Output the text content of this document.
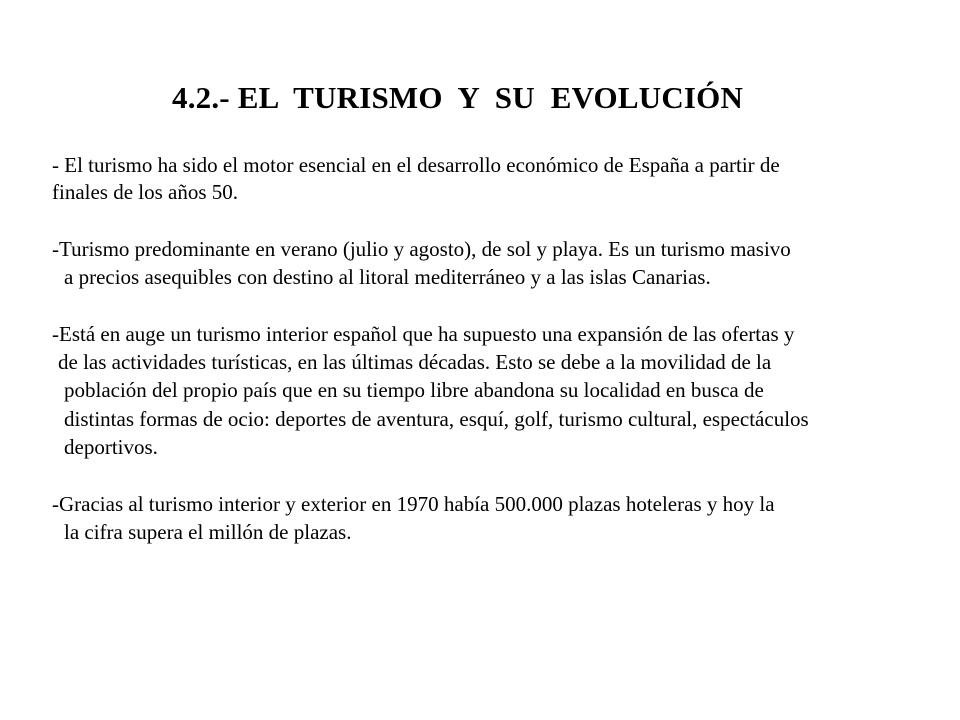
4.2.- EL  TURISMO  Y  SU  EVOLUCIÓN
- El turismo ha sido el motor esencial en el desarrollo económico de España a partir de
finales de los años 50.
-Turismo predominante en verano (julio y agosto), de sol y playa. Es un turismo masivo
a precios asequibles con destino al litoral mediterráneo y a las islas Canarias.
-Está en auge un turismo interior español que ha supuesto una expansión de las ofertas y
de las actividades turísticas, en las últimas décadas. Esto se debe a la movilidad de la
población del propio país que en su tiempo libre abandona su localidad en busca de
distintas formas de ocio: deportes de aventura, esquí, golf, turismo cultural, espectáculos
deportivos.
-Gracias al turismo interior y exterior en 1970 había 500.000 plazas hoteleras y hoy la
la cifra supera el millón de plazas.
